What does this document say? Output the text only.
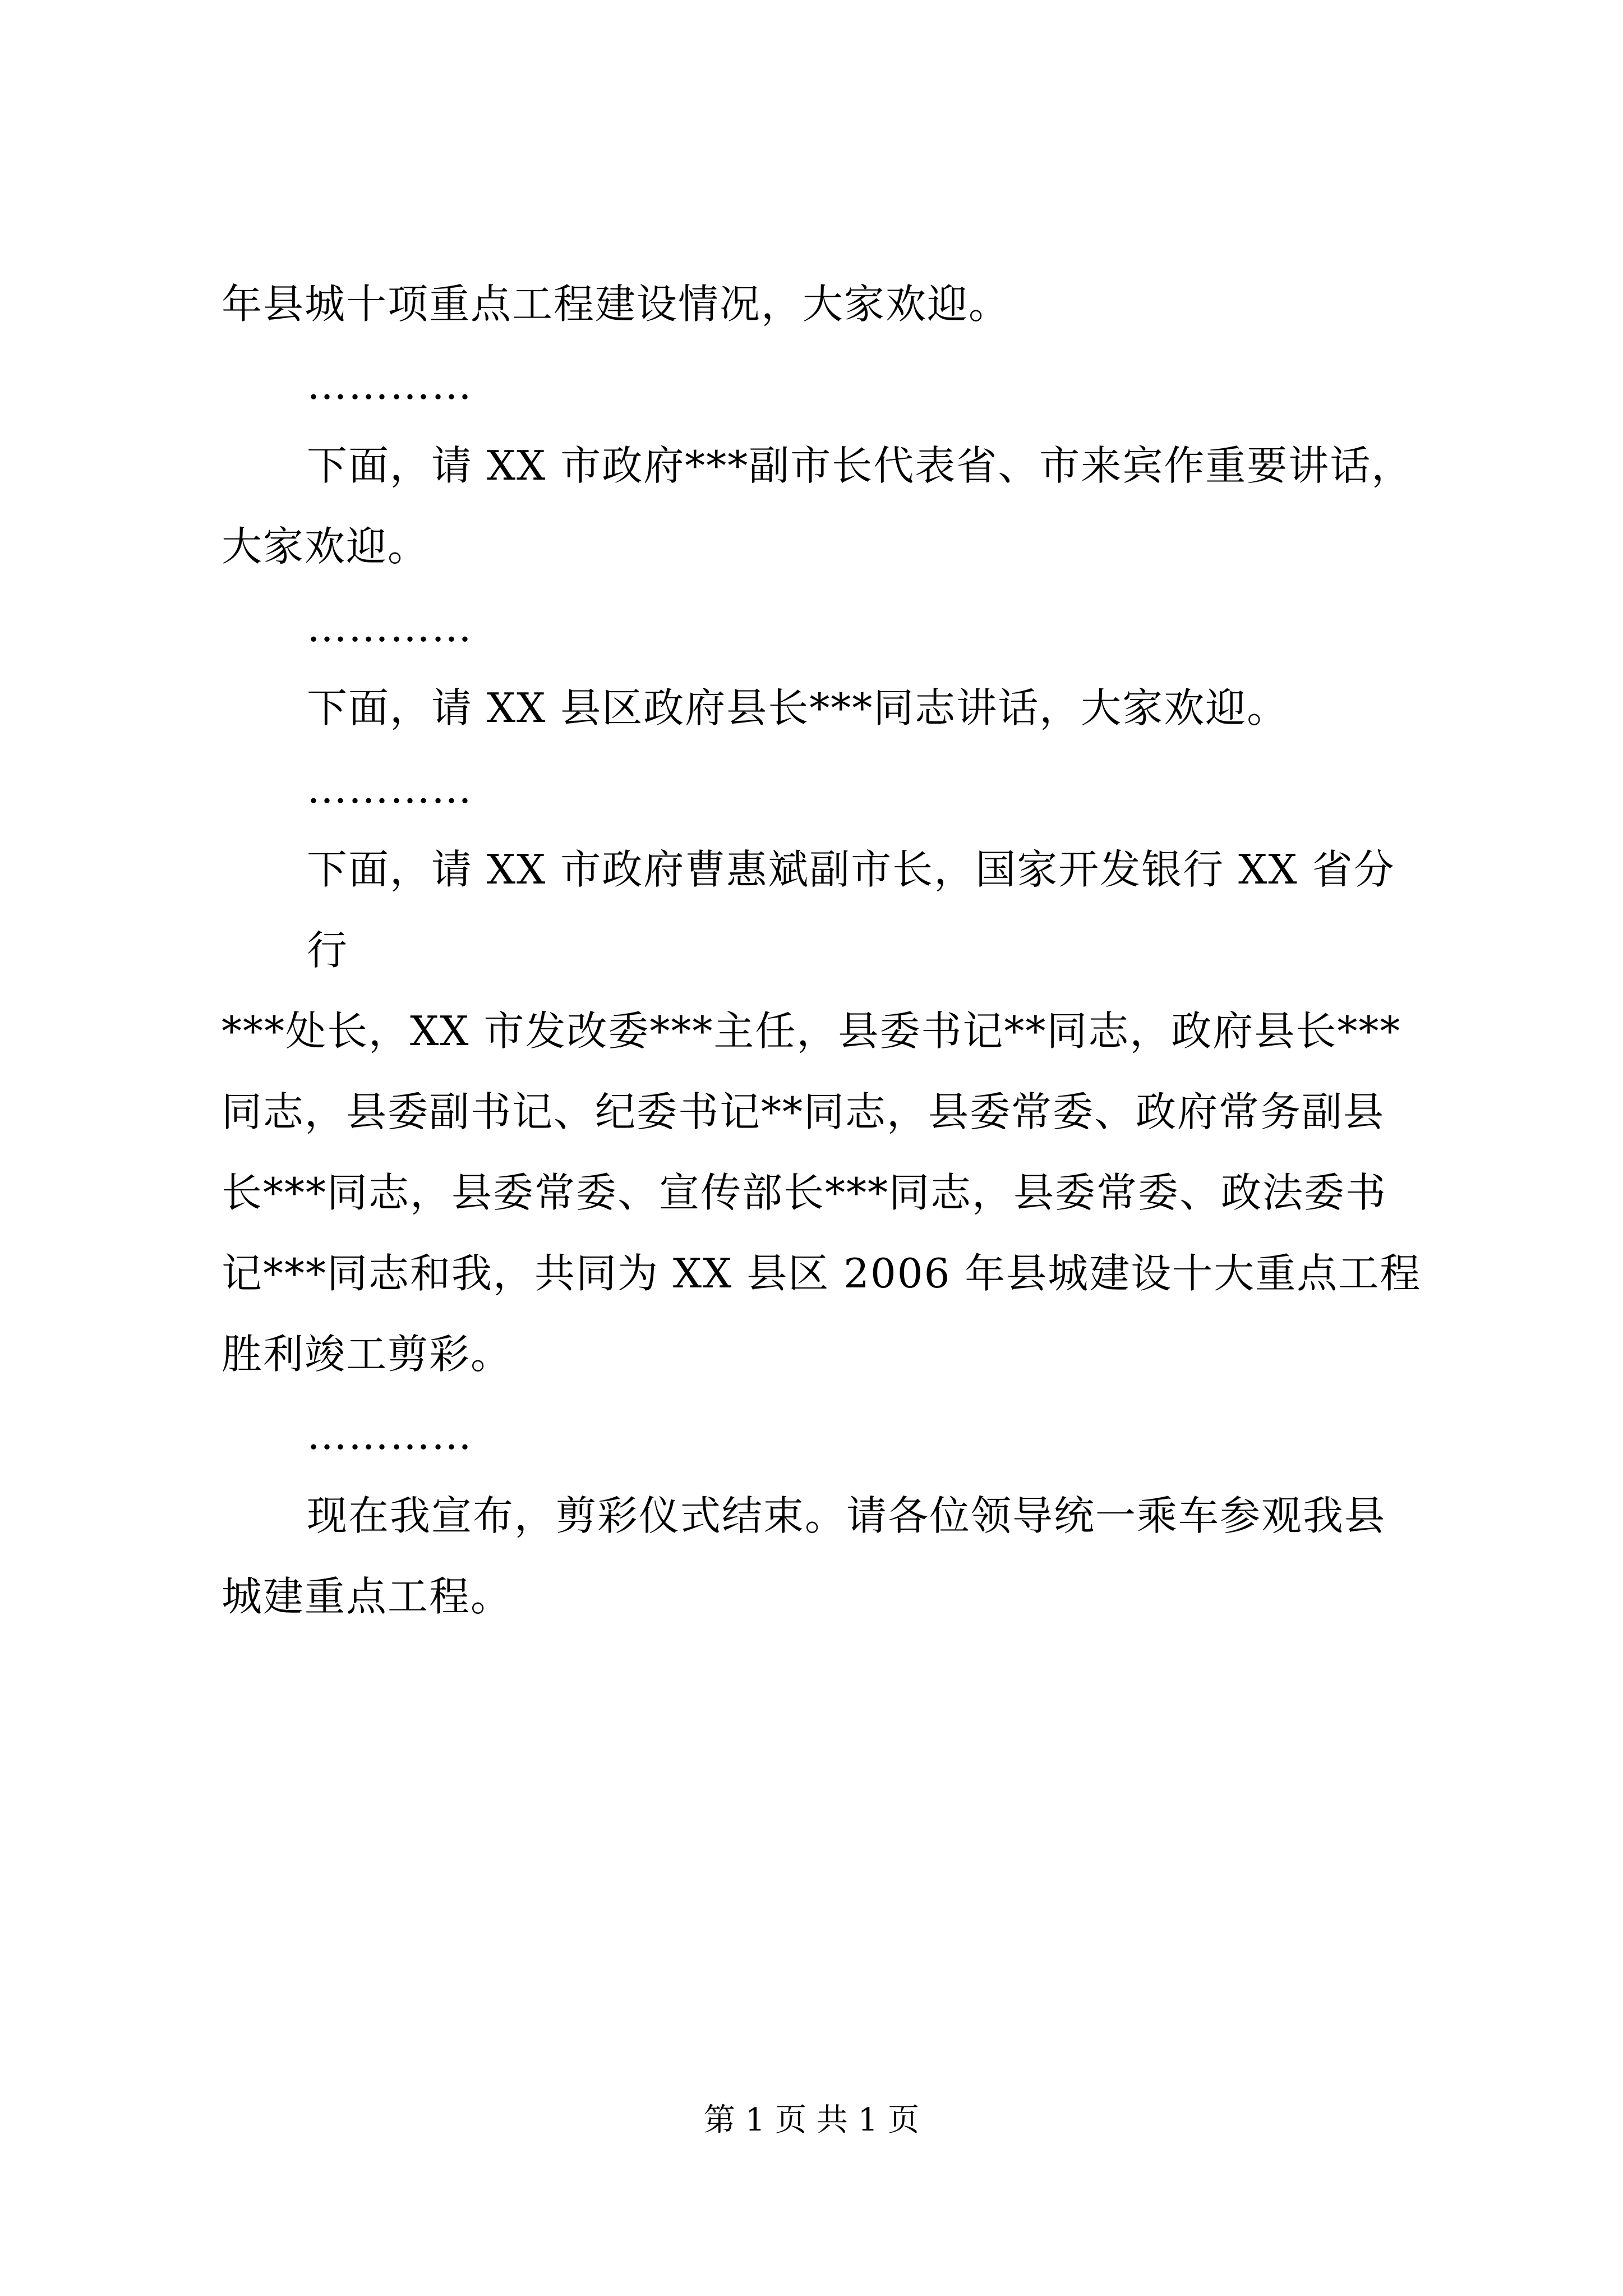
年县城十项重点工程建设情况，大家欢迎。

…………

下面，请 XX 市政府***副市长代表省、市来宾作重要讲话，
大家欢迎。

…………

下面，请 XX 县区政府县长***同志讲话，大家欢迎。

…………

下面，请 XX 市政府曹惠斌副市长，国家开发银行 XX 省分行
***处长，XX 市发改委***主任，县委书记**同志，政府县长***
同志，县委副书记、纪委书记**同志，县委常委、政府常务副县
长***同志，县委常委、宣传部长***同志，县委常委、政法委书
记***同志和我，共同为 XX 县区 2006 年县城建设十大重点工程
胜利竣工剪彩。

…………

现在我宣布，剪彩仪式结束。请各位领导统一乘车参观我县
城建重点工程。

第 1 页 共 1 页
